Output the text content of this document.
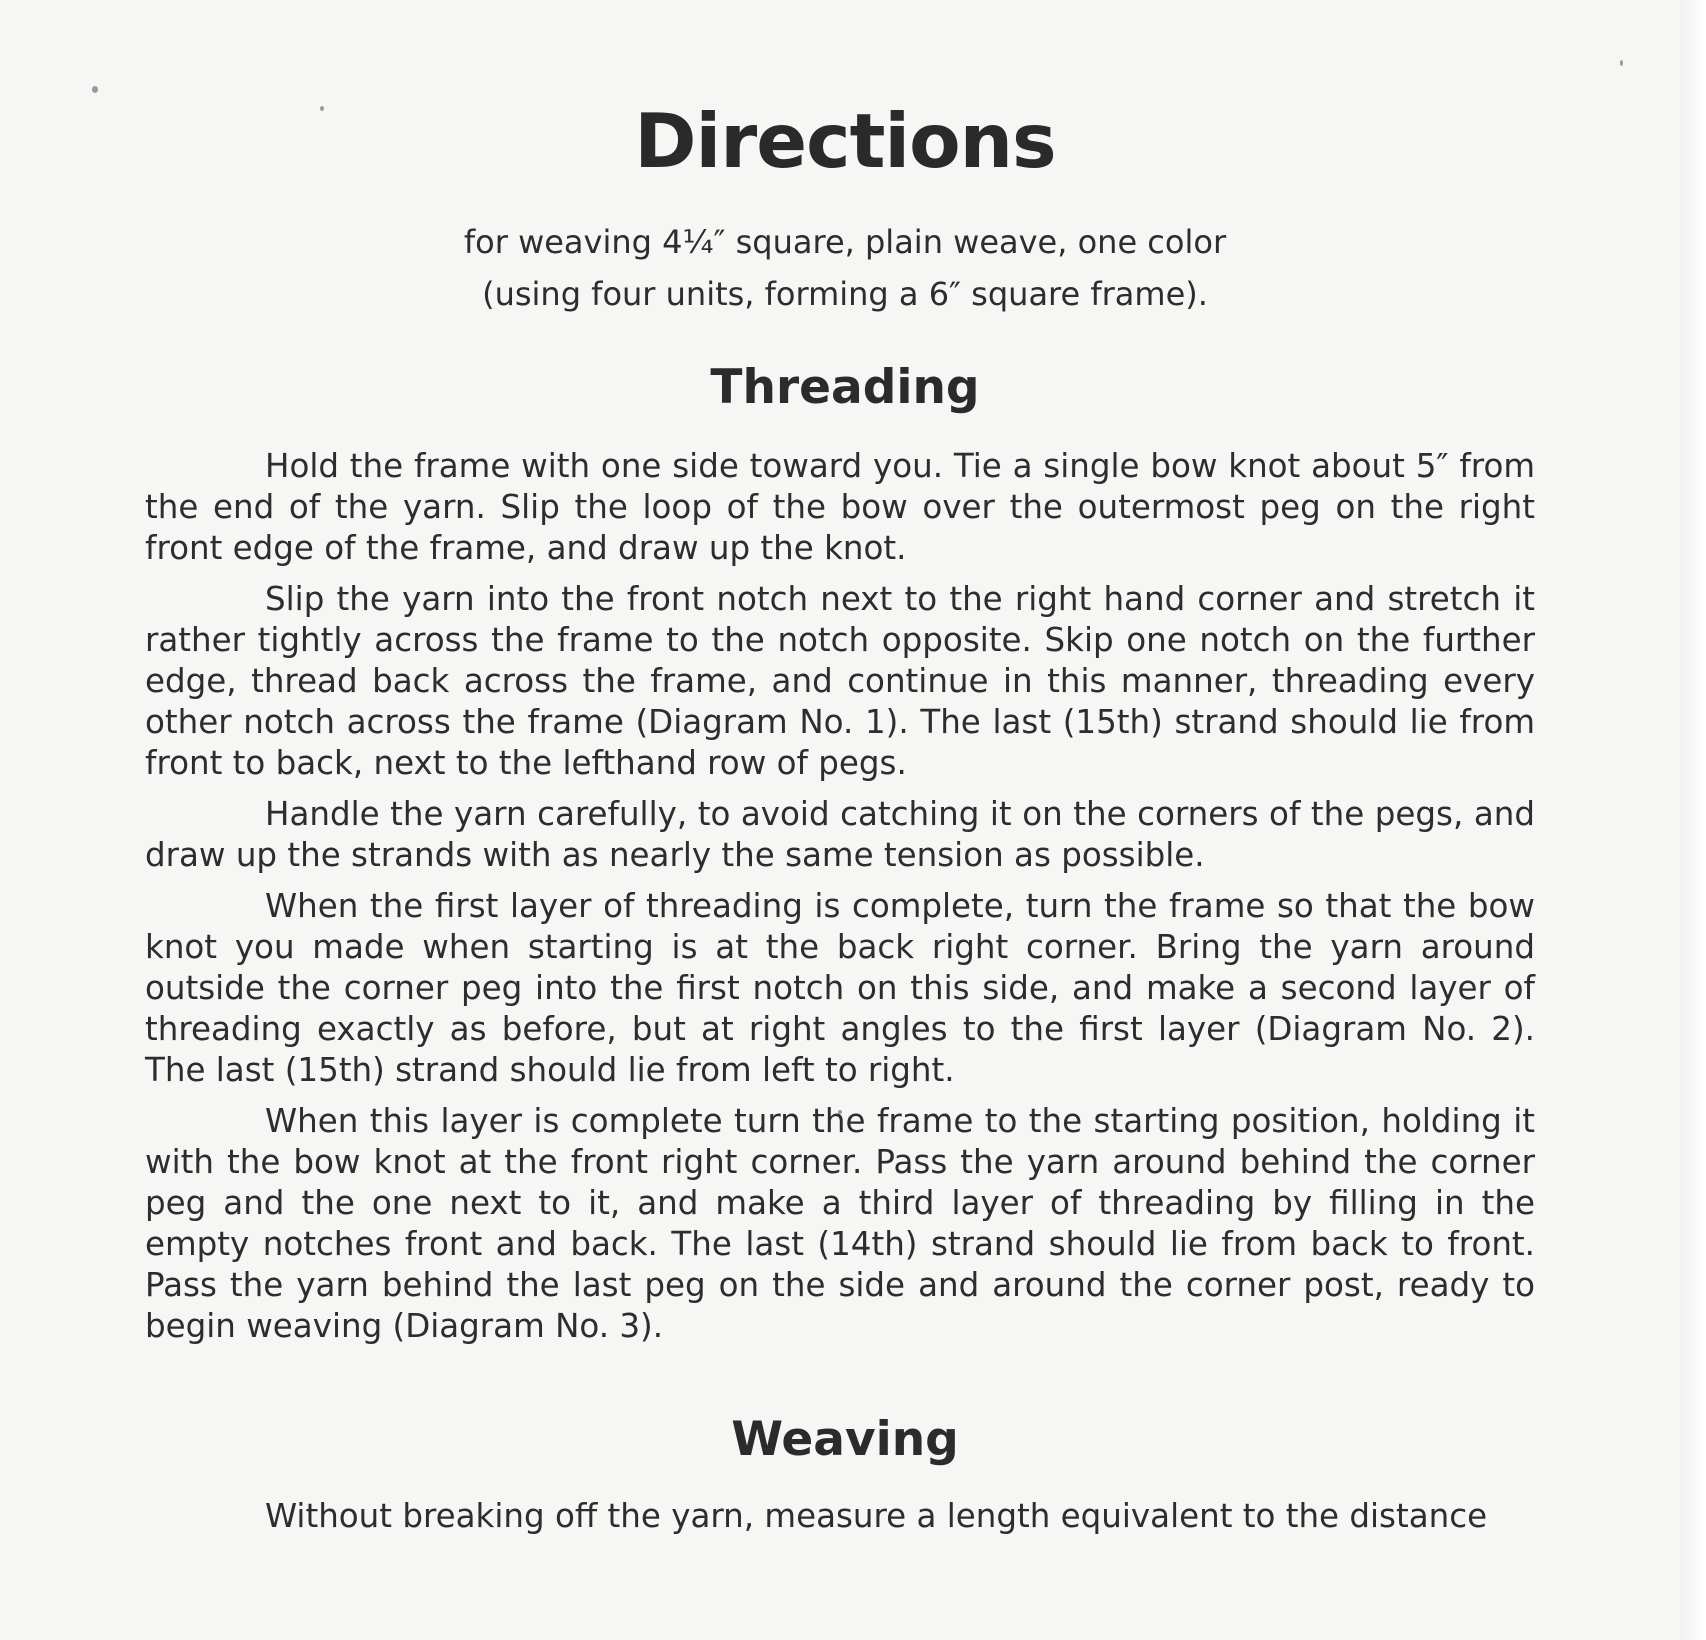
Directions
for weaving 4¼″ square, plain weave, one color
(using four units, forming a 6″ square frame).
Threading

Hold the frame with one side toward you. Tie a single bow knot about 5″ from the end of the yarn. Slip the loop of the bow over the outermost peg on the right front edge of the frame, and draw up the knot.

Slip the yarn into the front notch next to the right hand corner and stretch it rather tightly across the frame to the notch opposite. Skip one notch on the further edge, thread back across the frame, and continue in this manner, threading every other notch across the frame (Diagram No. 1). The last (15th) strand should lie from front to back, next to the lefthand row of pegs.

Handle the yarn carefully, to avoid catching it on the corners of the pegs, and draw up the strands with as nearly the same tension as possible.

When the first layer of threading is complete, turn the frame so that the bow knot you made when starting is at the back right corner. Bring the yarn around outside the corner peg into the first notch on this side, and make a second layer of threading exactly as before, but at right angles to the first layer (Diagram No. 2). The last (15th) strand should lie from left to right.

When this layer is complete turn the frame to the starting position, holding it with the bow knot at the front right corner. Pass the yarn around behind the corner peg and the one next to it, and make a third layer of threading by filling in the empty notches front and back. The last (14th) strand should lie from back to front. Pass the yarn behind the last peg on the side and around the corner post, ready to begin weaving (Diagram No. 3).

Weaving

Without breaking off the yarn, measure a length equivalent to the distance
